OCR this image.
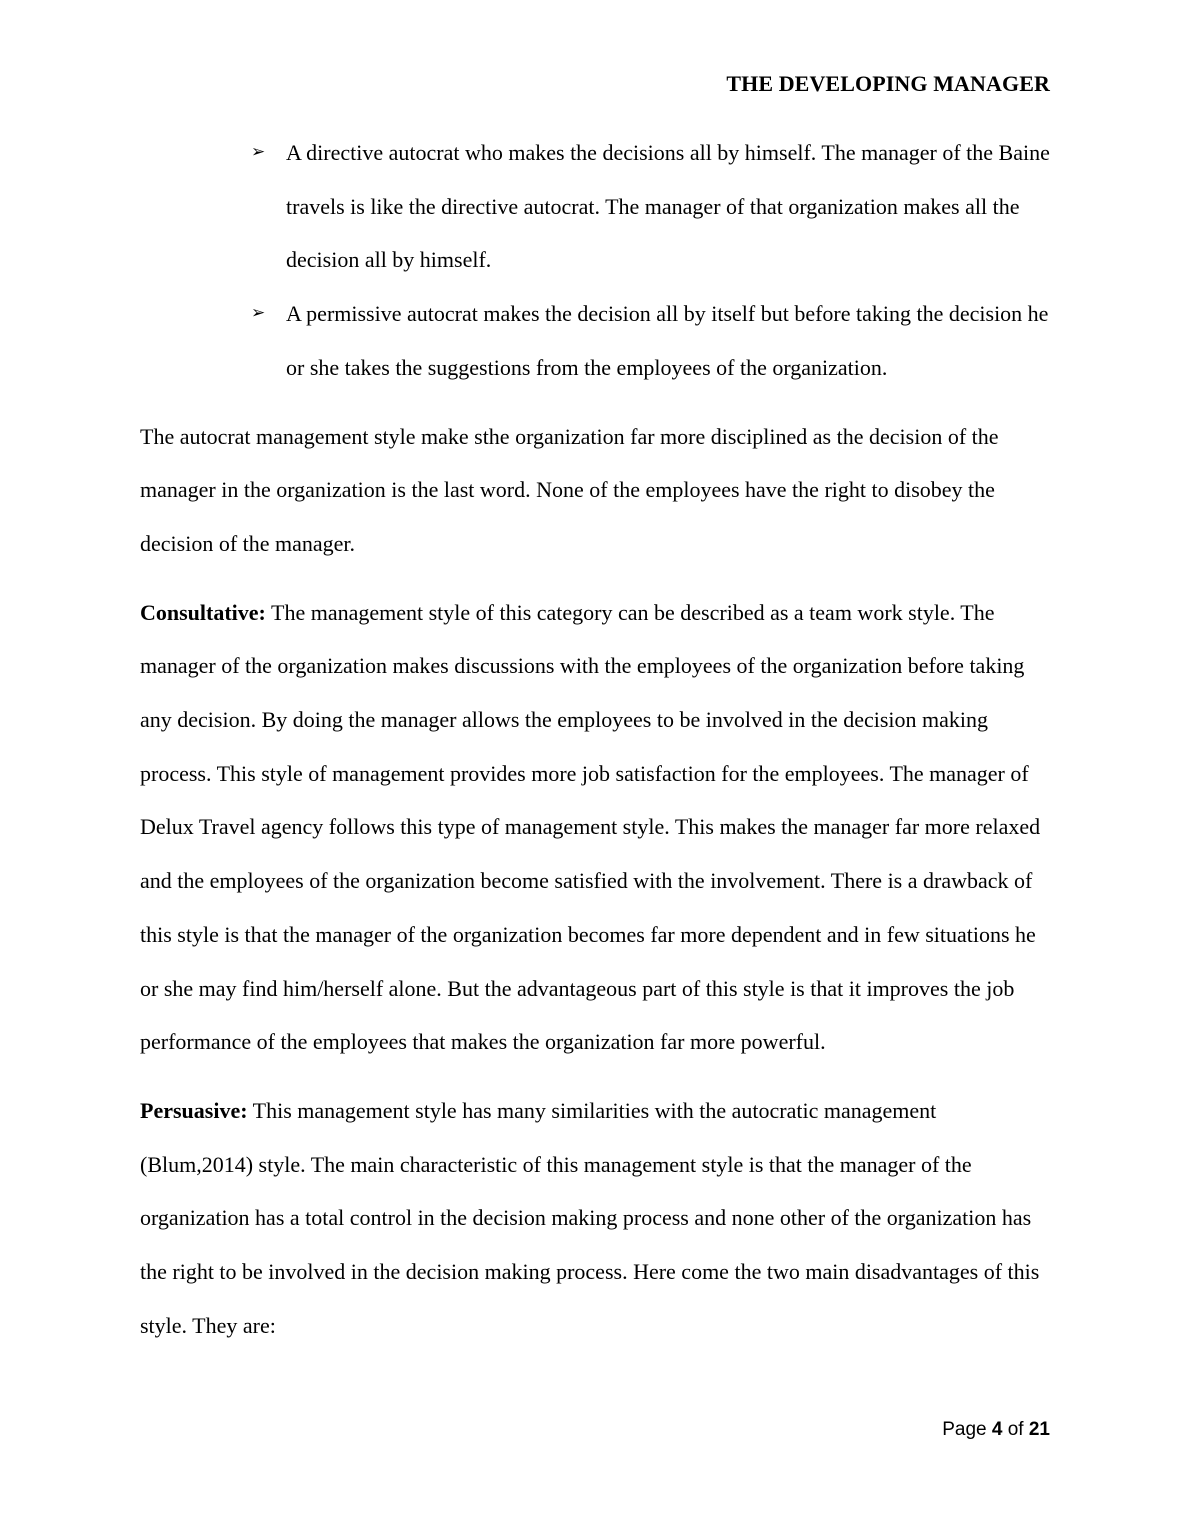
THE DEVELOPING MANAGER
➢ A directive autocrat who makes the decisions all by himself. The manager of the Baine travels is like the directive autocrat. The manager of that organization makes all the decision all by himself.
➢ A permissive autocrat makes the decision all by itself but before taking the decision he or she takes the suggestions from the employees of the organization.

The autocrat management style make sthe organization far more disciplined as the decision of the manager in the organization is the last word. None of the employees have the right to disobey the decision of the manager.

Consultative: The management style of this category can be described as a team work style. The manager of the organization makes discussions with the employees of the organization before taking any decision. By doing the manager allows the employees to be involved in the decision making process. This style of management provides more job satisfaction for the employees. The manager of Delux Travel agency follows this type of management style. This makes the manager far more relaxed and the employees of the organization become satisfied with the involvement. There is a drawback of this style is that the manager of the organization becomes far more dependent and in few situations he or she may find him/herself alone. But the advantageous part of this style is that it improves the job performance of the employees that makes the organization far more powerful.

Persuasive: This management style has many similarities with the autocratic management (Blum,2014) style. The main characteristic of this management style is that the manager of the organization has a total control in the decision making process and none other of the organization has the right to be involved in the decision making process. Here come the two main disadvantages of this style. They are:

Page 4 of 21
